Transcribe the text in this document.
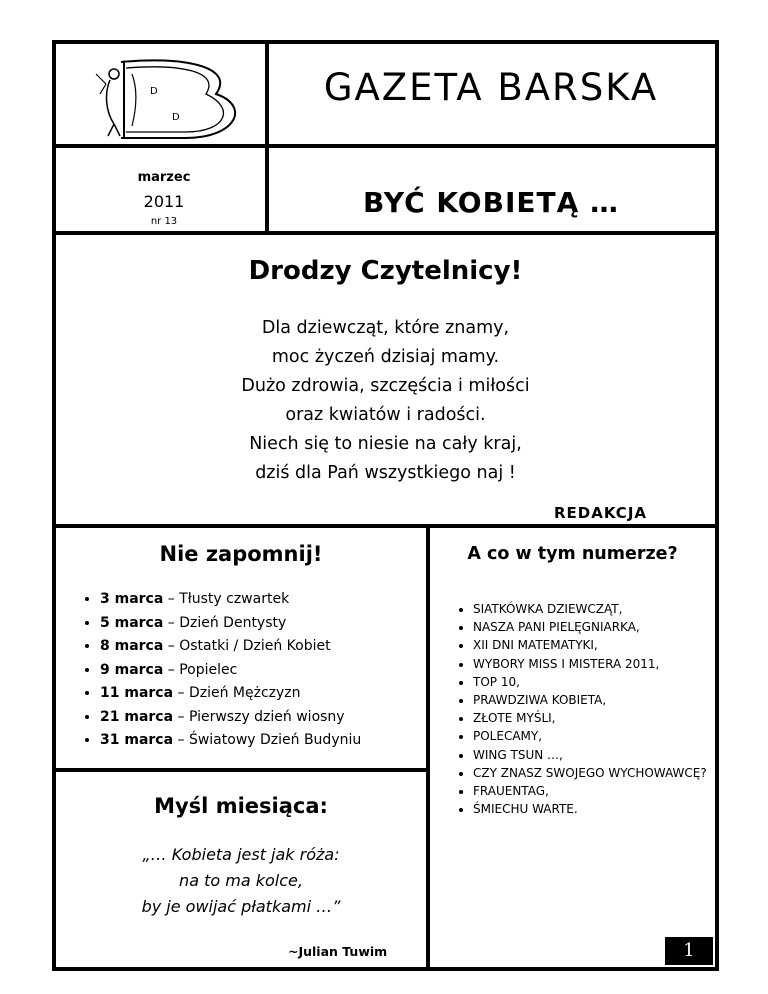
D
D
GAZETA BARSKA
marzec
2011
nr 13
BYĆ KOBIETĄ …
Drodzy Czytelnicy!
Dla dziewcząt, które znamy,
moc życzeń dzisiaj mamy.
Dużo zdrowia, szczęścia i miłości
oraz kwiatów i radości.
Niech się to niesie na cały kraj,
dziś dla Pań wszystkiego naj !
REDAKCJA
Nie zapomnij!
• 3 marca – Tłusty czwartek
• 5 marca – Dzień Dentysty
• 8 marca – Ostatki / Dzień Kobiet
• 9 marca – Popielec
• 11 marca – Dzień Mężczyzn
• 21 marca – Pierwszy dzień wiosny
• 31 marca – Światowy Dzień Budyniu
Myśl miesiąca:
„… Kobieta jest jak róża:
na to ma kolce,
by je owijać płatkami …”
~Julian Tuwim
A co w tym numerze?
• SIATKÓWKA DZIEWCZĄT,
• NASZA PANI PIELĘGNIARKA,
• XII DNI MATEMATYKI,
• WYBORY MISS I MISTERA 2011,
• TOP 10,
• PRAWDZIWA KOBIETA,
• ZŁOTE MYŚLI,
• POLECAMY,
• WING TSUN …,
• CZY ZNASZ SWOJEGO WYCHOWAWCĘ?
• FRAUENTAG,
• ŚMIECHU WARTE.
1
